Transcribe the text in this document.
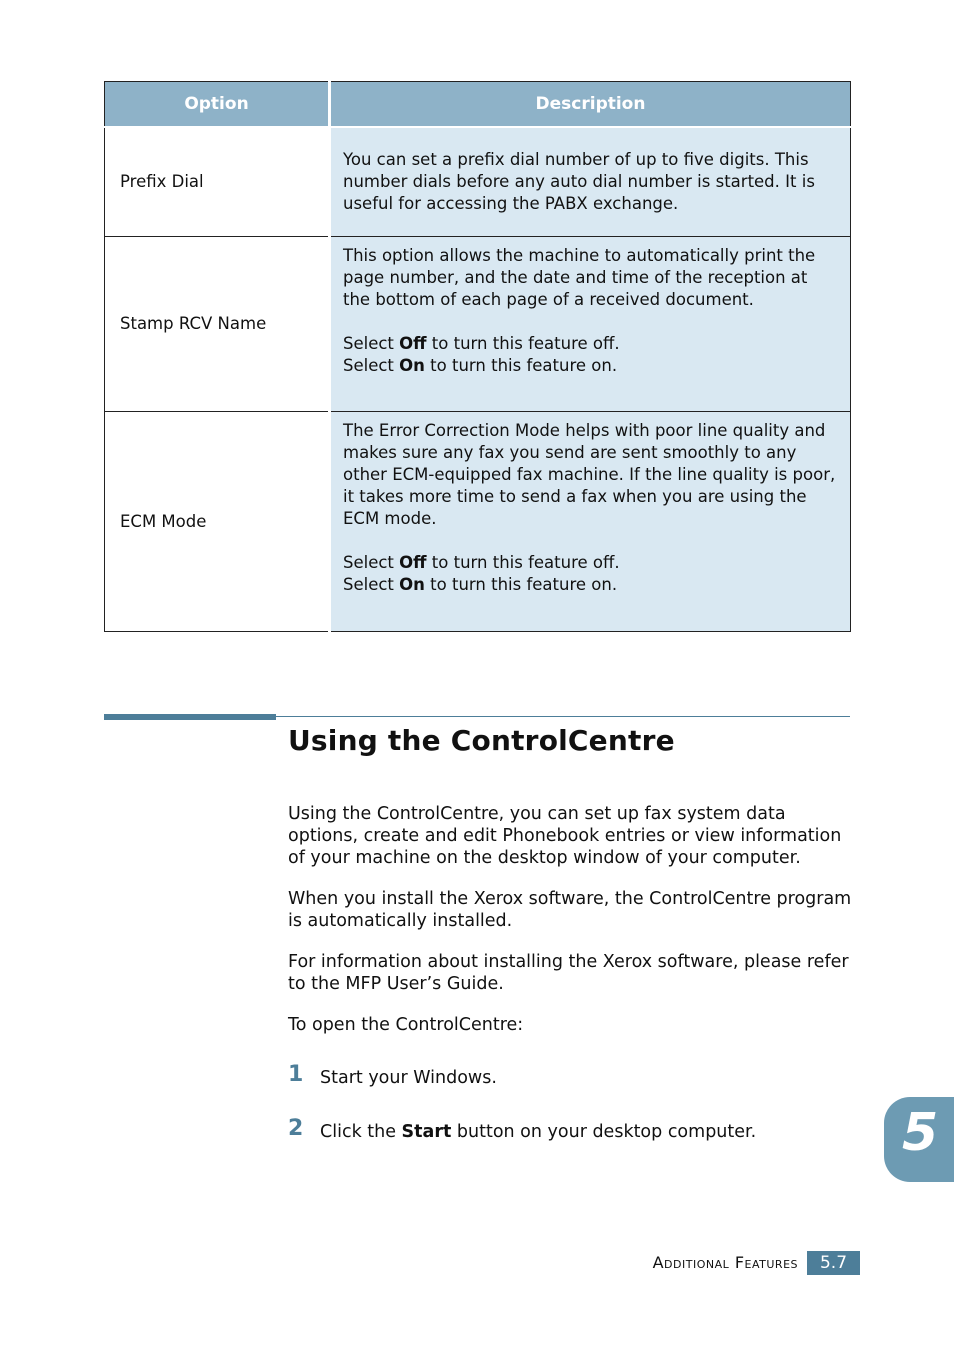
Option	Description
Prefix Dial	You can set a prefix dial number of up to five digits. This number dials before any auto dial number is started. It is useful for accessing the PABX exchange.

Stamp RCV Name	This option allows the machine to automatically print the page number, and the date and time of the reception at the bottom of each page of a received document.

Select Off to turn this feature off.
Select On to turn this feature on.

ECM Mode	The Error Correction Mode helps with poor line quality and makes sure any fax you send are sent smoothly to any other ECM-equipped fax machine. If the line quality is poor, it takes more time to send a fax when you are using the ECM mode.

Select Off to turn this feature off.
Select On to turn this feature on.

Using the ControlCentre

Using the ControlCentre, you can set up fax system data options, create and edit Phonebook entries or view information of your machine on the desktop window of your computer.

When you install the Xerox software, the ControlCentre program is automatically installed.

For information about installing the Xerox software, please refer to the MFP User’s Guide.

To open the ControlCentre:

1 Start your Windows.
2 Click the Start button on your desktop computer.	5
Additional Features	5.7
